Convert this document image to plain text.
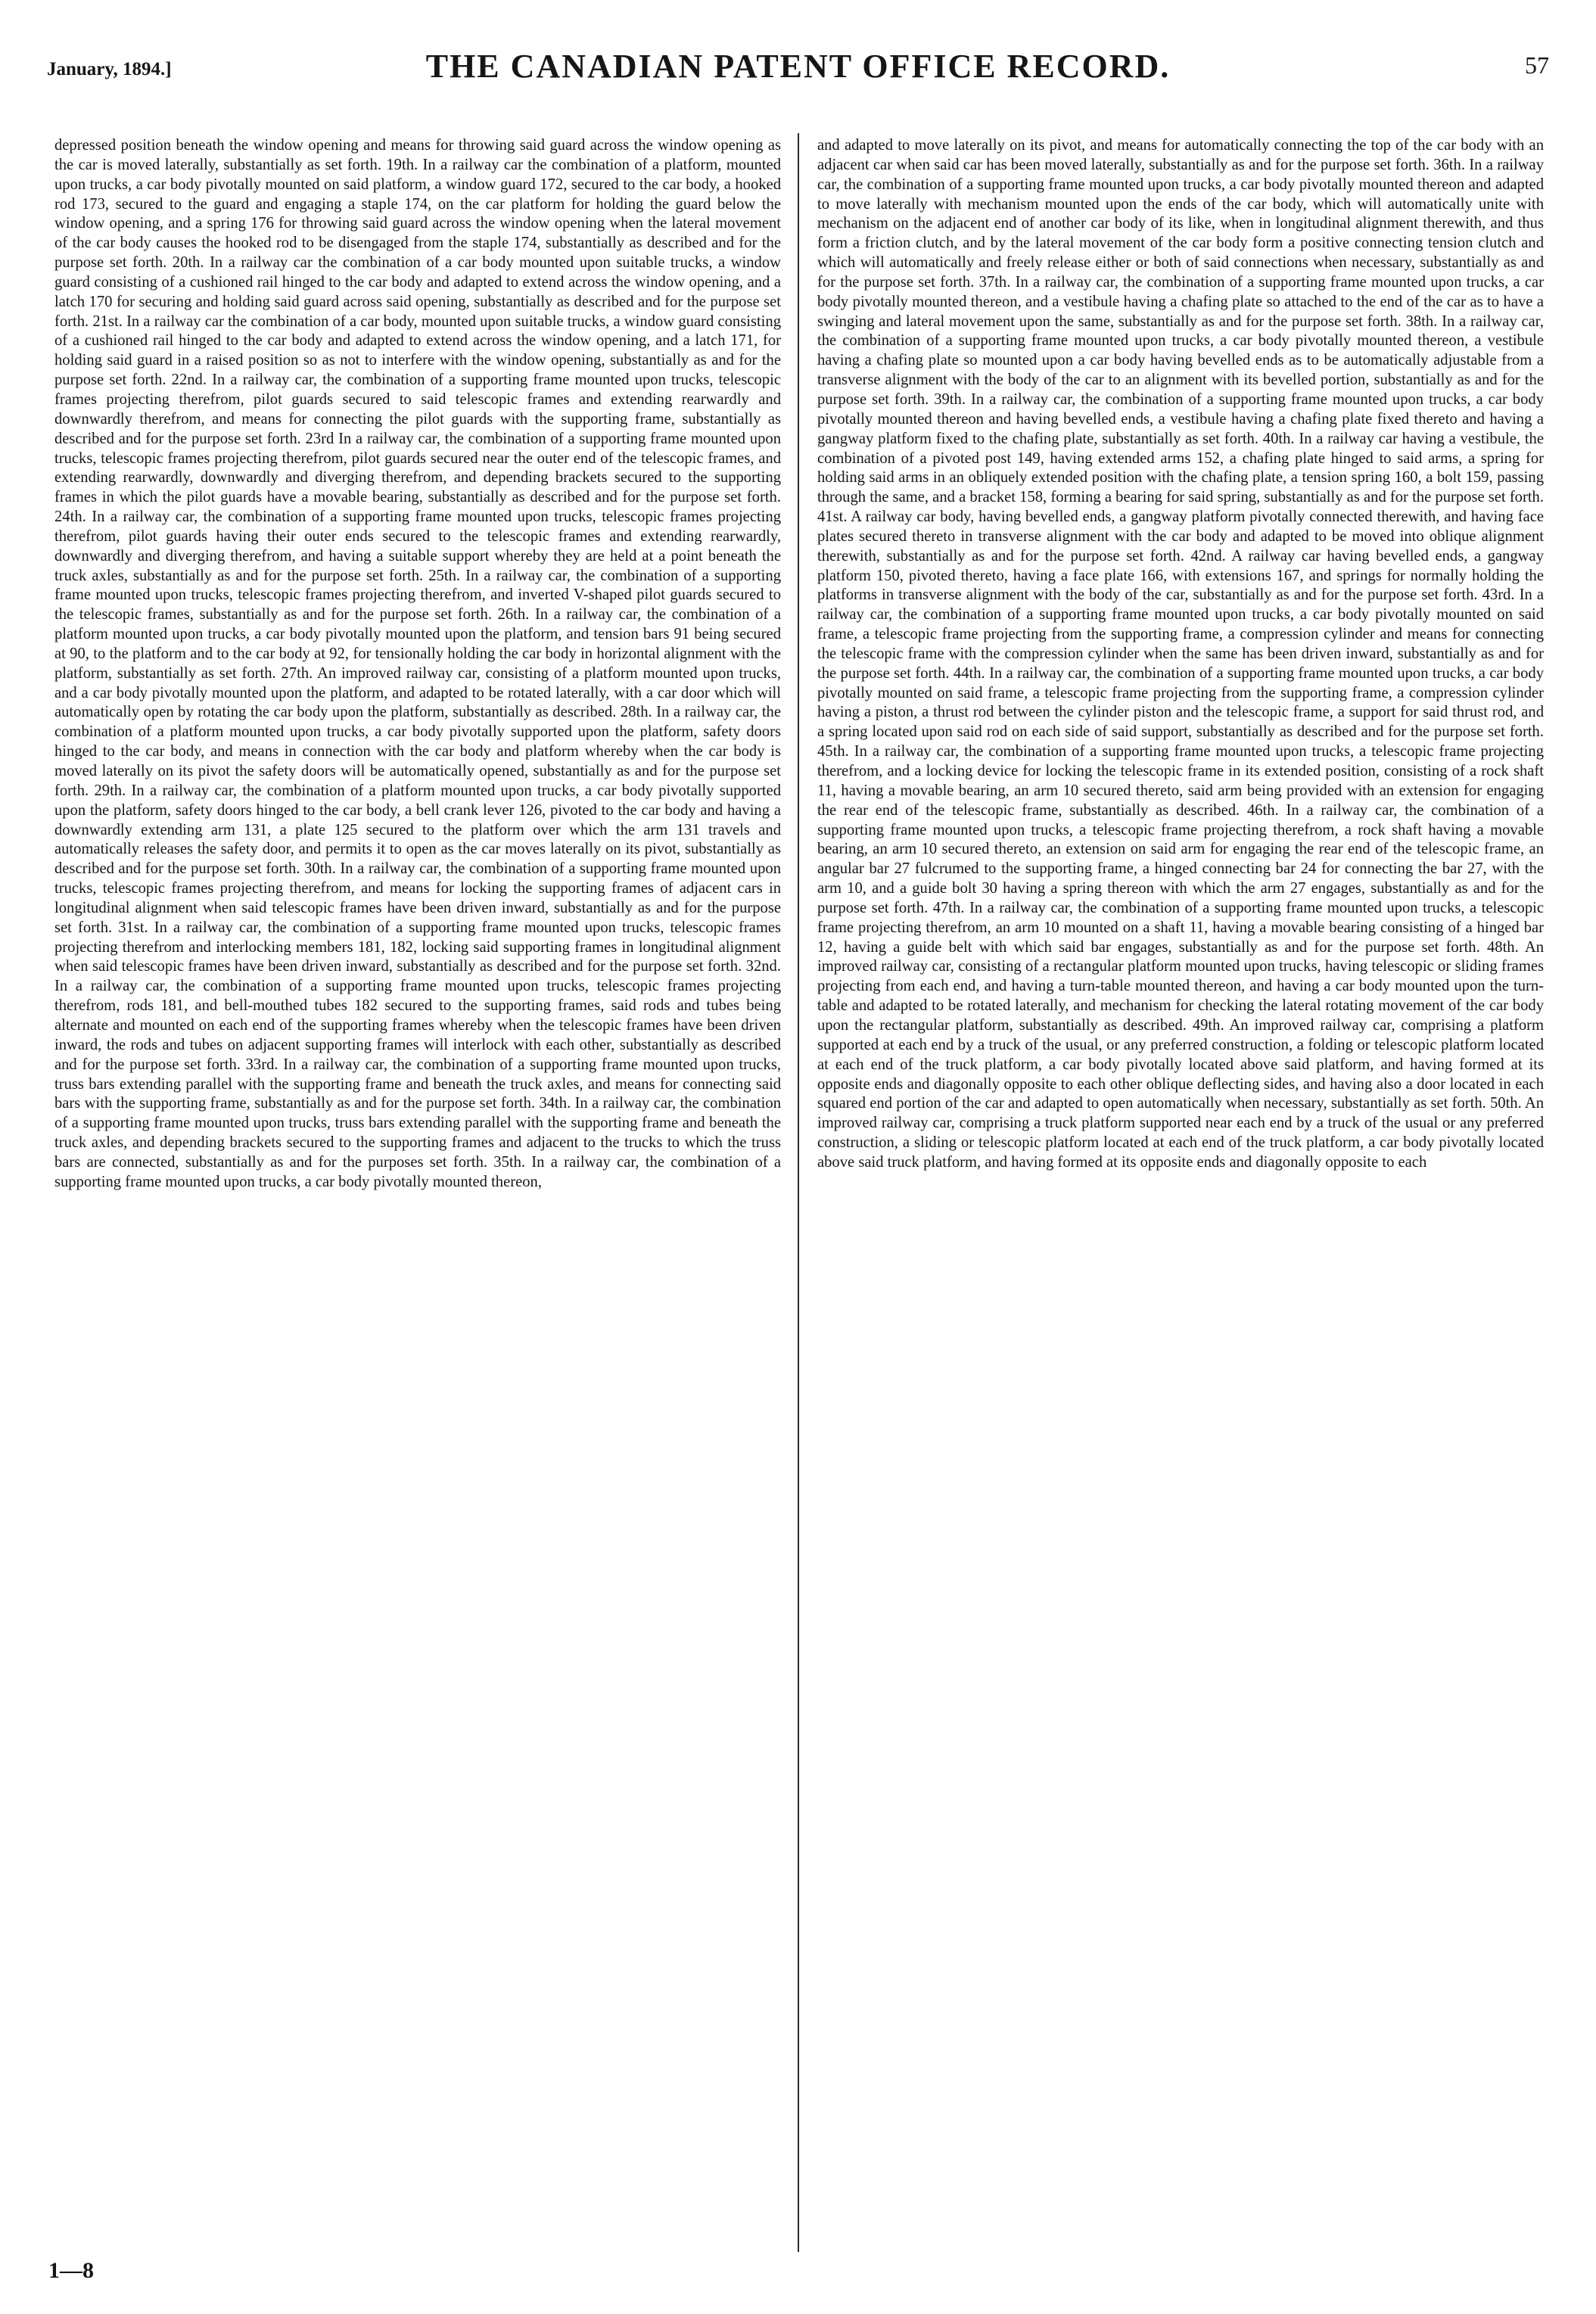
January, 1894.]	THE CANADIAN PATENT OFFICE RECORD.	57

depressed position beneath the window opening and means for throwing said guard across the window opening as the car is moved laterally, substantially as set forth. 19th. In a railway car the combination of a platform, mounted upon trucks, a car body pivotally mounted on said platform, a window guard 172, secured to the car body, a hooked rod 173, secured to the guard and engaging a staple 174, on the car platform for holding the guard below the window opening, and a spring 176 for throwing said guard across the window opening when the lateral movement of the car body causes the hooked rod to be disengaged from the staple 174, substantially as described and for the purpose set forth. 20th. In a railway car the combination of a car body mounted upon suitable trucks, a window guard consisting of a cushioned rail hinged to the car body and adapted to extend across the window opening, and a latch 170 for securing and holding said guard across said opening, substantially as described and for the purpose set forth. 21st. In a railway car the combination of a car body, mounted upon suitable trucks, a window guard consisting of a cushioned rail hinged to the car body and adapted to extend across the window opening, and a latch 171, for holding said guard in a raised position so as not to interfere with the window opening, substantially as and for the purpose set forth. 22nd. In a railway car, the combination of a supporting frame mounted upon trucks, telescopic frames projecting therefrom, pilot guards secured to said telescopic frames and extending rearwardly and downwardly therefrom, and means for connecting the pilot guards with the supporting frame, substantially as described and for the purpose set forth. 23rd In a railway car, the combination of a supporting frame mounted upon trucks, telescopic frames projecting therefrom, pilot guards secured near the outer end of the telescopic frames, and extending rearwardly, downwardly and diverging therefrom, and depending brackets secured to the supporting frames in which the pilot guards have a movable bearing, substantially as described and for the purpose set forth. 24th. In a railway car, the combination of a supporting frame mounted upon trucks, telescopic frames projecting therefrom, pilot guards having their outer ends secured to the telescopic frames and extending rearwardly, downwardly and diverging therefrom, and having a suitable support whereby they are held at a point beneath the truck axles, substantially as and for the purpose set forth. 25th. In a railway car, the combination of a supporting frame mounted upon trucks, telescopic frames projecting therefrom, and inverted V-shaped pilot guards secured to the telescopic frames, substantially as and for the purpose set forth. 26th. In a railway car, the combination of a platform mounted upon trucks, a car body pivotally mounted upon the platform, and tension bars 91 being secured at 90, to the platform and to the car body at 92, for tensionally holding the car body in horizontal alignment with the platform, substantially as set forth. 27th. An improved railway car, consisting of a platform mounted upon trucks, and a car body pivotally mounted upon the platform, and adapted to be rotated laterally, with a car door which will automatically open by rotating the car body upon the platform, substantially as described. 28th. In a railway car, the combination of a platform mounted upon trucks, a car body pivotally supported upon the platform, safety doors hinged to the car body, and means in connection with the car body and platform whereby when the car body is moved laterally on its pivot the safety doors will be automatically opened, substantially as and for the purpose set forth. 29th. In a railway car, the combination of a platform mounted upon trucks, a car body pivotally supported upon the platform, safety doors hinged to the car body, a bell crank lever 126, pivoted to the car body and having a downwardly extending arm 131, a plate 125 secured to the platform over which the arm 131 travels and automatically releases the safety door, and permits it to open as the car moves laterally on its pivot, substantially as described and for the purpose set forth. 30th. In a railway car, the combination of a supporting frame mounted upon trucks, telescopic frames projecting therefrom, and means for locking the supporting frames of adjacent cars in longitudinal alignment when said telescopic frames have been driven inward, substantially as and for the purpose set forth. 31st. In a railway car, the combination of a supporting frame mounted upon trucks, telescopic frames projecting therefrom and interlocking members 181, 182, locking said supporting frames in longitudinal alignment when said telescopic frames have been driven inward, substantially as described and for the purpose set forth. 32nd. In a railway car, the combination of a supporting frame mounted upon trucks, telescopic frames projecting therefrom, rods 181, and bell-mouthed tubes 182 secured to the supporting frames, said rods and tubes being alternate and mounted on each end of the supporting frames whereby when the telescopic frames have been driven inward, the rods and tubes on adjacent supporting frames will interlock with each other, substantially as described and for the purpose set forth. 33rd. In a railway car, the combination of a supporting frame mounted upon trucks, truss bars extending parallel with the supporting frame and beneath the truck axles, and means for connecting said bars with the supporting frame, substantially as and for the purpose set forth. 34th. In a railway car, the combination of a supporting frame mounted upon trucks, truss bars extending parallel with the supporting frame and beneath the truck axles, and depending brackets secured to the supporting frames and adjacent to the trucks to which the truss bars are connected, substantially as and for the purposes set forth. 35th. In a railway car, the combination of a supporting frame mounted upon trucks, a car body pivotally mounted thereon,

and adapted to move laterally on its pivot, and means for automatically connecting the top of the car body with an adjacent car when said car has been moved laterally, substantially as and for the purpose set forth. 36th. In a railway car, the combination of a supporting frame mounted upon trucks, a car body pivotally mounted thereon and adapted to move laterally with mechanism mounted upon the ends of the car body, which will automatically unite with mechanism on the adjacent end of another car body of its like, when in longitudinal alignment therewith, and thus form a friction clutch, and by the lateral movement of the car body form a positive connecting tension clutch and which will automatically and freely release either or both of said connections when necessary, substantially as and for the purpose set forth. 37th. In a railway car, the combination of a supporting frame mounted upon trucks, a car body pivotally mounted thereon, and a vestibule having a chafing plate so attached to the end of the car as to have a swinging and lateral movement upon the same, substantially as and for the purpose set forth. 38th. In a railway car, the combination of a supporting frame mounted upon trucks, a car body pivotally mounted thereon, a vestibule having a chafing plate so mounted upon a car body having bevelled ends as to be automatically adjustable from a transverse alignment with the body of the car to an alignment with its bevelled portion, substantially as and for the purpose set forth. 39th. In a railway car, the combination of a supporting frame mounted upon trucks, a car body pivotally mounted thereon and having bevelled ends, a vestibule having a chafing plate fixed thereto and having a gangway platform fixed to the chafing plate, substantially as set forth. 40th. In a railway car having a vestibule, the combination of a pivoted post 149, having extended arms 152, a chafing plate hinged to said arms, a spring for holding said arms in an obliquely extended position with the chafing plate, a tension spring 160, a bolt 159, passing through the same, and a bracket 158, forming a bearing for said spring, substantially as and for the purpose set forth. 41st. A railway car body, having bevelled ends, a gangway platform pivotally connected therewith, and having face plates secured thereto in transverse alignment with the car body and adapted to be moved into oblique alignment therewith, substantially as and for the purpose set forth. 42nd. A railway car having bevelled ends, a gangway platform 150, pivoted thereto, having a face plate 166, with extensions 167, and springs for normally holding the platforms in transverse alignment with the body of the car, substantially as and for the purpose set forth. 43rd. In a railway car, the combination of a supporting frame mounted upon trucks, a car body pivotally mounted on said frame, a telescopic frame projecting from the supporting frame, a compression cylinder and means for connecting the telescopic frame with the compression cylinder when the same has been driven inward, substantially as and for the purpose set forth. 44th. In a railway car, the combination of a supporting frame mounted upon trucks, a car body pivotally mounted on said frame, a telescopic frame projecting from the supporting frame, a compression cylinder having a piston, a thrust rod between the cylinder piston and the telescopic frame, a support for said thrust rod, and a spring located upon said rod on each side of said support, substantially as described and for the purpose set forth. 45th. In a railway car, the combination of a supporting frame mounted upon trucks, a telescopic frame projecting therefrom, and a locking device for locking the telescopic frame in its extended position, consisting of a rock shaft 11, having a movable bearing, an arm 10 secured thereto, said arm being provided with an extension for engaging the rear end of the telescopic frame, substantially as described. 46th. In a railway car, the combination of a supporting frame mounted upon trucks, a telescopic frame projecting therefrom, a rock shaft having a movable bearing, an arm 10 secured thereto, an extension on said arm for engaging the rear end of the telescopic frame, an angular bar 27 fulcrumed to the supporting frame, a hinged connecting bar 24 for connecting the bar 27, with the arm 10, and a guide bolt 30 having a spring thereon with which the arm 27 engages, substantially as and for the purpose set forth. 47th. In a railway car, the combination of a supporting frame mounted upon trucks, a telescopic frame projecting therefrom, an arm 10 mounted on a shaft 11, having a movable bearing consisting of a hinged bar 12, having a guide belt with which said bar engages, substantially as and for the purpose set forth. 48th. An improved railway car, consisting of a rectangular platform mounted upon trucks, having telescopic or sliding frames projecting from each end, and having a turn-table mounted thereon, and having a car body mounted upon the turn-table and adapted to be rotated laterally, and mechanism for checking the lateral rotating movement of the car body upon the rectangular platform, substantially as described. 49th. An improved railway car, comprising a platform supported at each end by a truck of the usual, or any preferred construction, a folding or telescopic platform located at each end of the truck platform, a car body pivotally located above said platform, and having formed at its opposite ends and diagonally opposite to each other oblique deflecting sides, and having also a door located in each squared end portion of the car and adapted to open automatically when necessary, substantially as set forth. 50th. An improved railway car, comprising a truck platform supported near each end by a truck of the usual or any preferred construction, a sliding or telescopic platform located at each end of the truck platform, a car body pivotally located above said truck platform, and having formed at its opposite ends and diagonally opposite to each

1—8
